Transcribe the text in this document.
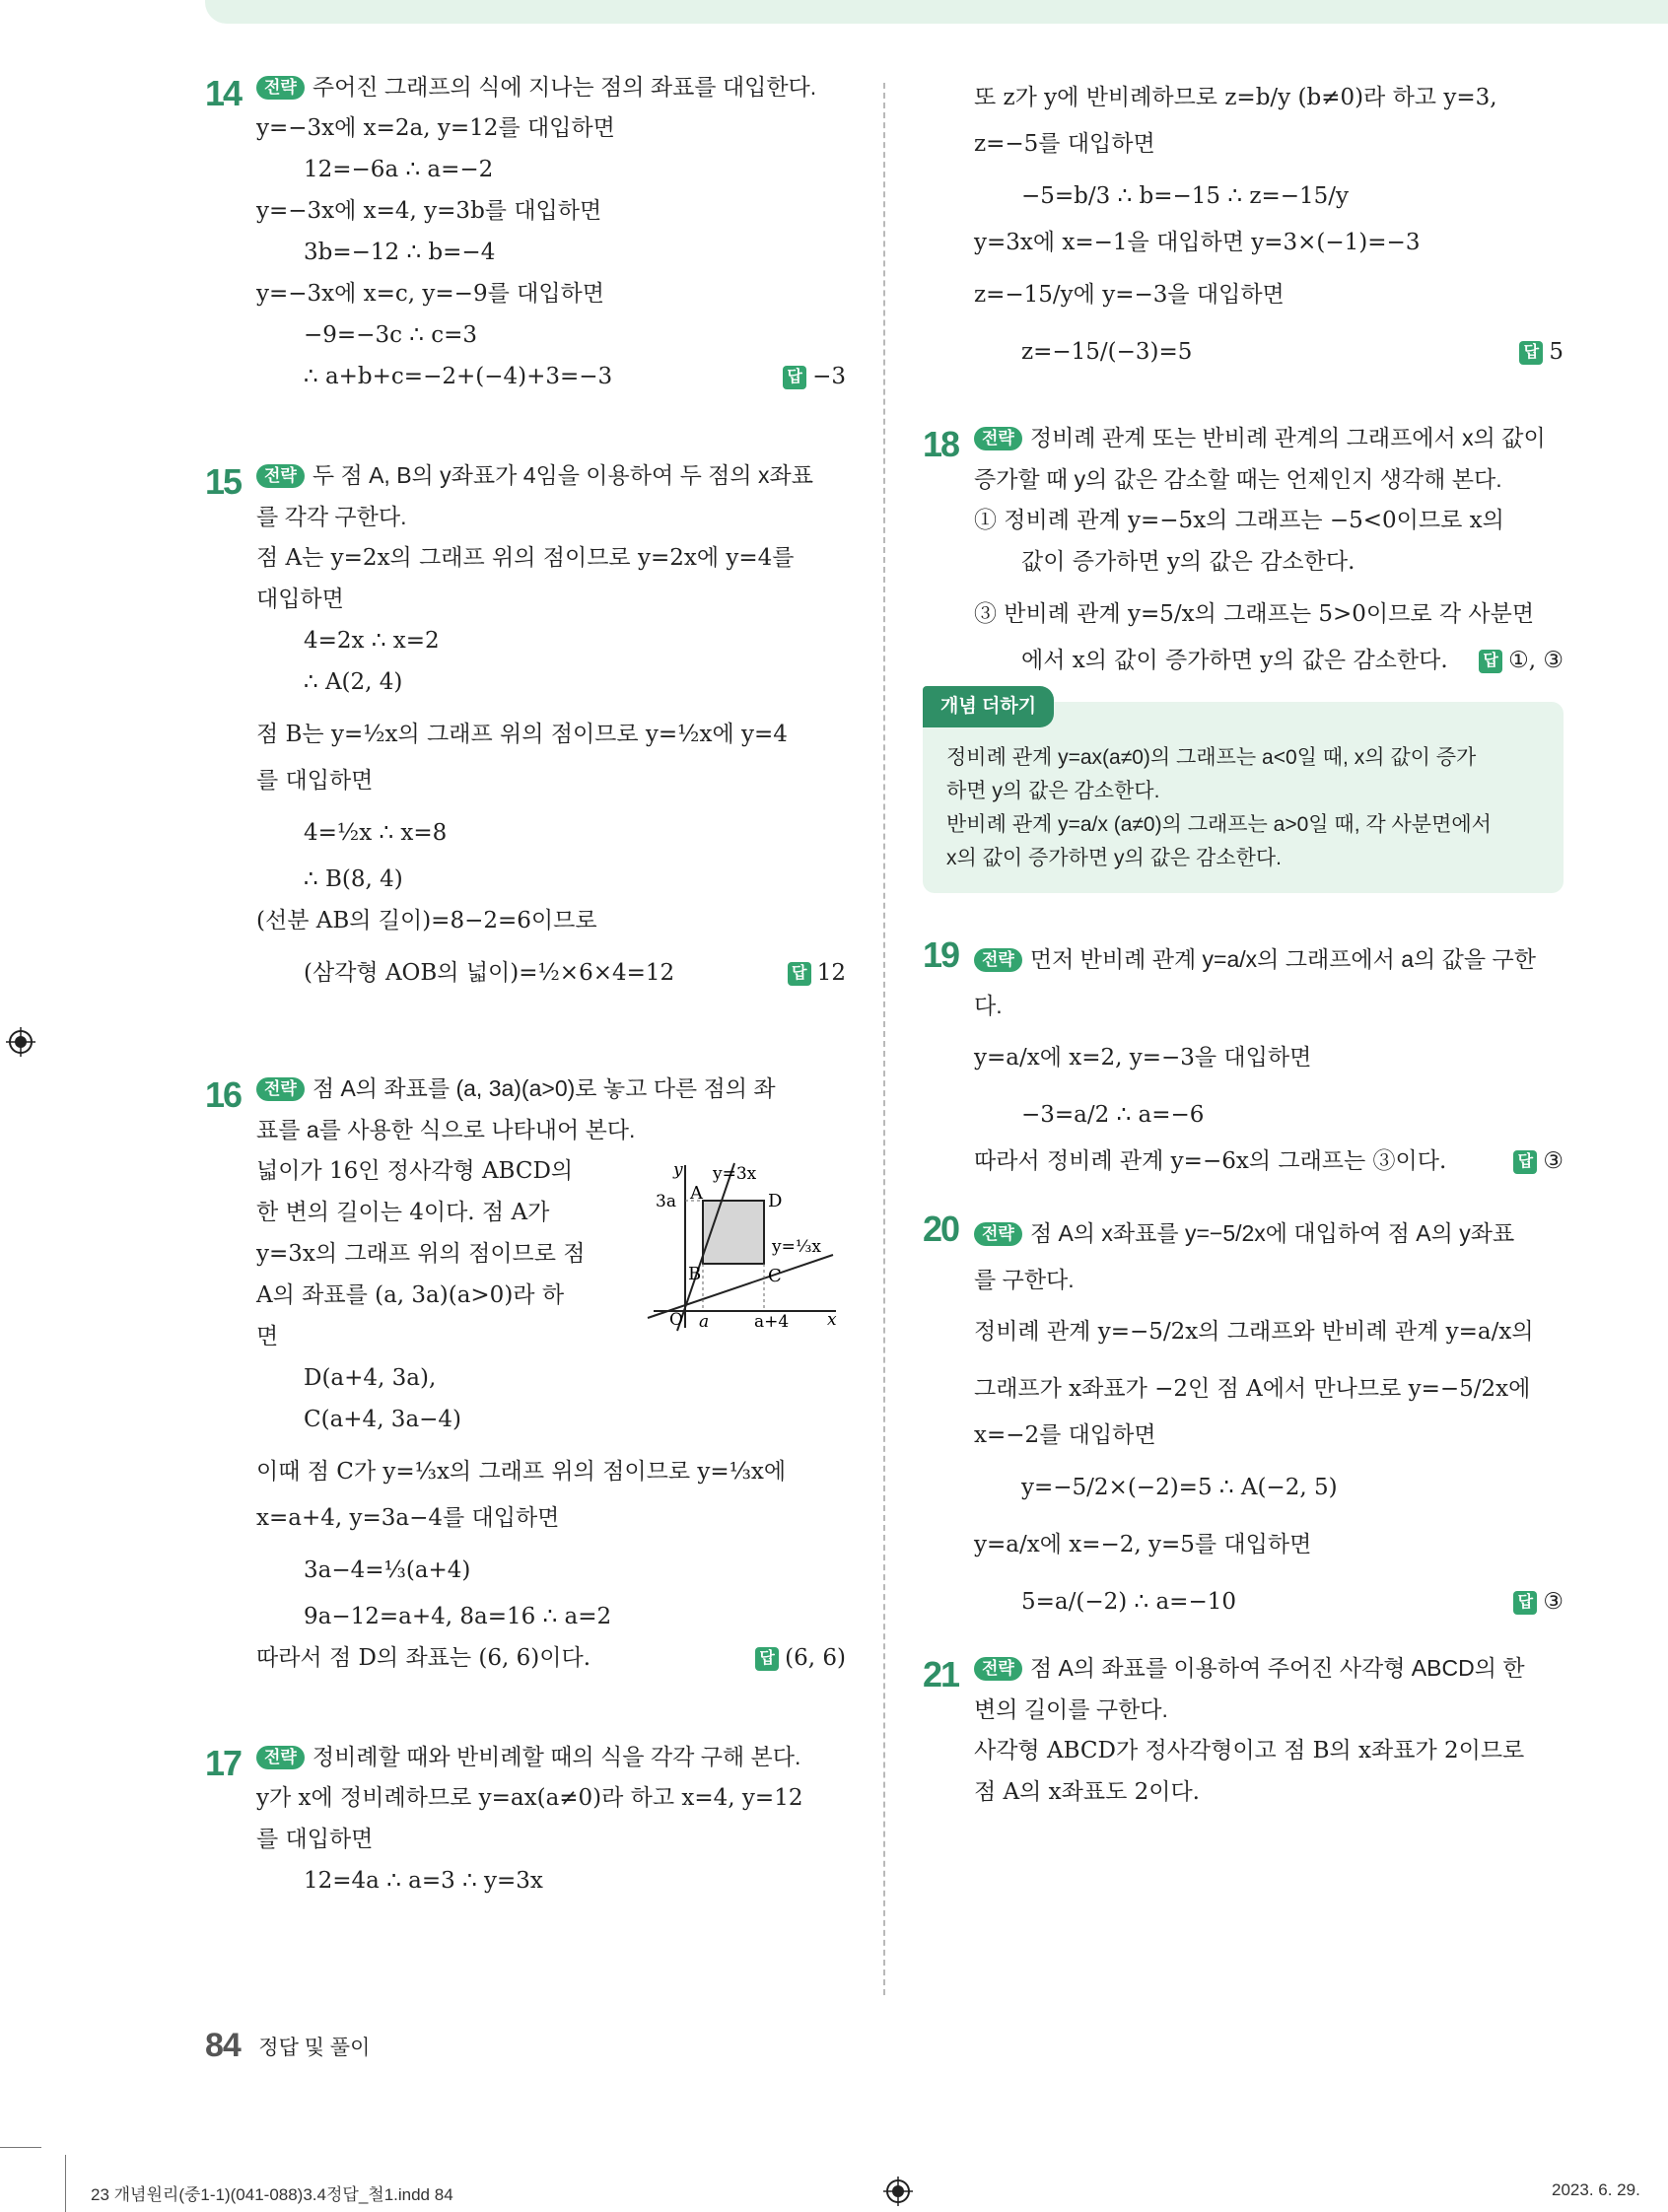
14	전략 주어진 그래프의 식에 지나는 점의 좌표를 대입한다.
y=−3x에 x=2a, y=12를 대입하면
12=−6a ∴ a=−2
y=−3x에 x=4, y=3b를 대입하면
3b=−12 ∴ b=−4
y=−3x에 x=c, y=−9를 대입하면
−9=−3c ∴ c=3
∴ a+b+c=−2+(−4)+3=−3	답 −3
15	전략 두 점 A, B의 y좌표가 4임을 이용하여 두 점의 x좌표
를 각각 구한다.
점 A는 y=2x의 그래프 위의 점이므로 y=2x에 y=4를
대입하면
4=2x ∴ x=2
∴ A(2, 4)
점 B는 y=½x의 그래프 위의 점이므로 y=½x에 y=4
를 대입하면
4=½x ∴ x=8
∴ B(8, 4)
(선분 AB의 길이)=8−2=6이므로
(삼각형 AOB의 넓이)=½×6×4=12	답 12
16	전략 점 A의 좌표를 (a, 3a)(a>0)로 놓고 다른 점의 좌
표를 a를 사용한 식으로 나타내어 본다.
y
x
y=3x
y=⅓x
A
B	C
D
O
3a
a	a+4
넓이가 16인 정사각형 ABCD의
한 변의 길이는 4이다. 점 A가
y=3x의 그래프 위의 점이므로 점
A의 좌표를 (a, 3a)(a>0)라 하
면
D(a+4, 3a),
C(a+4, 3a−4)
이때 점 C가 y=⅓x의 그래프 위의 점이므로 y=⅓x에
x=a+4, y=3a−4를 대입하면
3a−4=⅓(a+4)
9a−12=a+4, 8a=16 ∴ a=2
따라서 점 D의 좌표는 (6, 6)이다.	답 (6, 6)
17	전략 정비례할 때와 반비례할 때의 식을 각각 구해 본다.
y가 x에 정비례하므로 y=ax(a≠0)라 하고 x=4, y=12
를 대입하면
12=4a ∴ a=3 ∴ y=3x
또 z가 y에 반비례하므로 z=b/y (b≠0)라 하고 y=3,
z=−5를 대입하면
−5=b/3 ∴ b=−15 ∴ z=−15/y
y=3x에 x=−1을 대입하면 y=3×(−1)=−3
z=−15/y에 y=−3을 대입하면
z=−15/(−3)=5	답 5
18	전략 정비례 관계 또는 반비례 관계의 그래프에서 x의 값이
증가할 때 y의 값은 감소할 때는 언제인지 생각해 본다.
① 정비례 관계 y=−5x의 그래프는 −5<0이므로 x의
값이 증가하면 y의 값은 감소한다.
③ 반비례 관계 y=5/x의 그래프는 5>0이므로 각 사분면
에서 x의 값이 증가하면 y의 값은 감소한다. 답 ①, ③
개념 더하기
정비례 관계 y=ax(a≠0)의 그래프는 a<0일 때, x의 값이 증가
하면 y의 값은 감소한다.
반비례 관계 y=a/x (a≠0)의 그래프는 a>0일 때, 각 사분면에서
x의 값이 증가하면 y의 값은 감소한다.
19	전략 먼저 반비례 관계 y=a/x의 그래프에서 a의 값을 구한
다.
y=a/x에 x=2, y=−3을 대입하면
−3=a/2 ∴ a=−6
따라서 정비례 관계 y=−6x의 그래프는 ③이다.	답 ③
20	전략 점 A의 x좌표를 y=−5/2x에 대입하여 점 A의 y좌표
를 구한다.
정비례 관계 y=−5/2x의 그래프와 반비례 관계 y=a/x의
그래프가 x좌표가 −2인 점 A에서 만나므로 y=−5/2x에
x=−2를 대입하면
y=−5/2×(−2)=5 ∴ A(−2, 5)
y=a/x에 x=−2, y=5를 대입하면
5=a/(−2) ∴ a=−10	답 ③
21	전략 점 A의 좌표를 이용하여 주어진 사각형 ABCD의 한
변의 길이를 구한다.
사각형 ABCD가 정사각형이고 점 B의 x좌표가 2이므로
점 A의 x좌표도 2이다.
84 정답 및 풀이
23 개념원리(중1-1)(041-088)3.4정답_철1.indd 84	2023. 6. 29.
